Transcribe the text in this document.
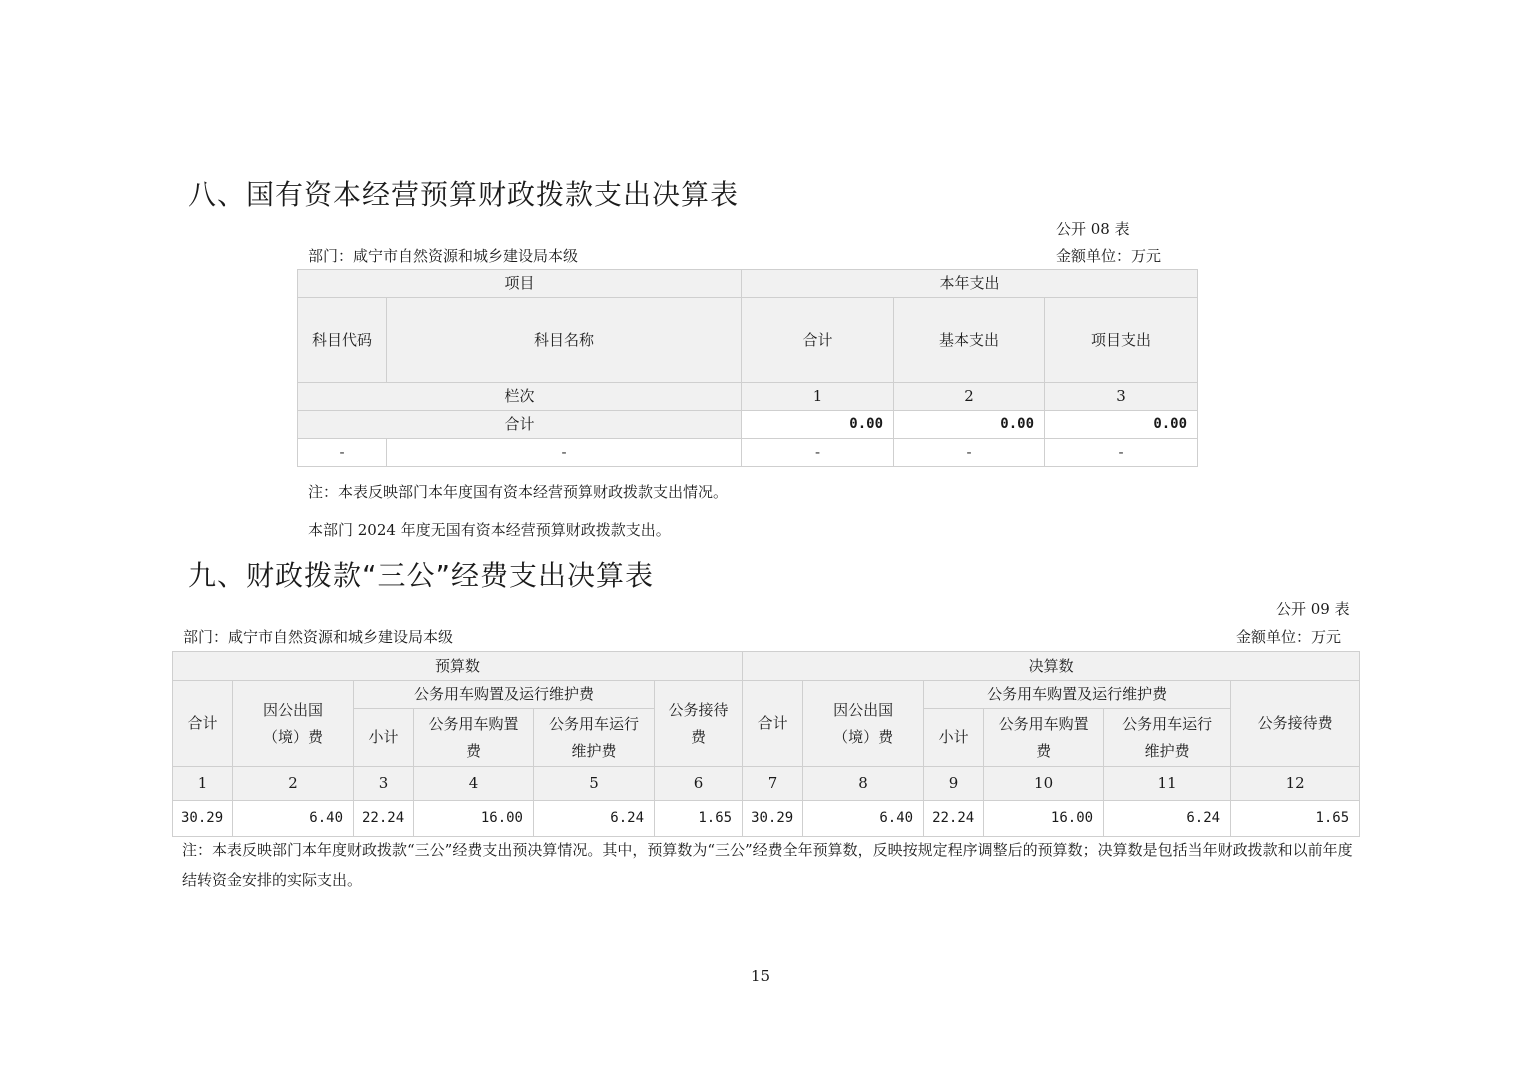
八、国有资本经营预算财政拨款支出决算表
公开 08 表
部门：咸宁市自然资源和城乡建设局本级	金额单位：万元
项目		本年支出		
科目代码	科目名称	合计	基本支出	项目支出
栏次		1	2	3
合计		0.00	0.00	0.00
-	-	-	-	-
注：本表反映部门本年度国有资本经营预算财政拨款支出情况。
本部门 2024 年度无国有资本经营预算财政拨款支出。
九、财政拨款“三公”经费支出决算表
公开 09 表
部门：咸宁市自然资源和城乡建设局本级	金额单位：万元
预算数						决算数					
合计	因公出国（境）费	公务用车购置及运行维护费			公务接待费	合计	因公出国（境）费	公务用车购置及运行维护费			公务接待费
		小计	公务用车购置费	公务用车运行维护费				小计	公务用车购置费	公务用车运行维护费	
1	2	3	4	5	6	7	8	9	10	11	12
30.29	6.40	22.24	16.00	6.24	1.65	30.29	6.40	22.24	16.00	6.24	1.65
注：本表反映部门本年度财政拨款“三公”经费支出预决算情况。其中，预算数为“三公”经费全年预算数，反映按规定程序调整后的预算数；决算数是包括当年财政拨款和以前年度结转资金安排的实际支出。
15
